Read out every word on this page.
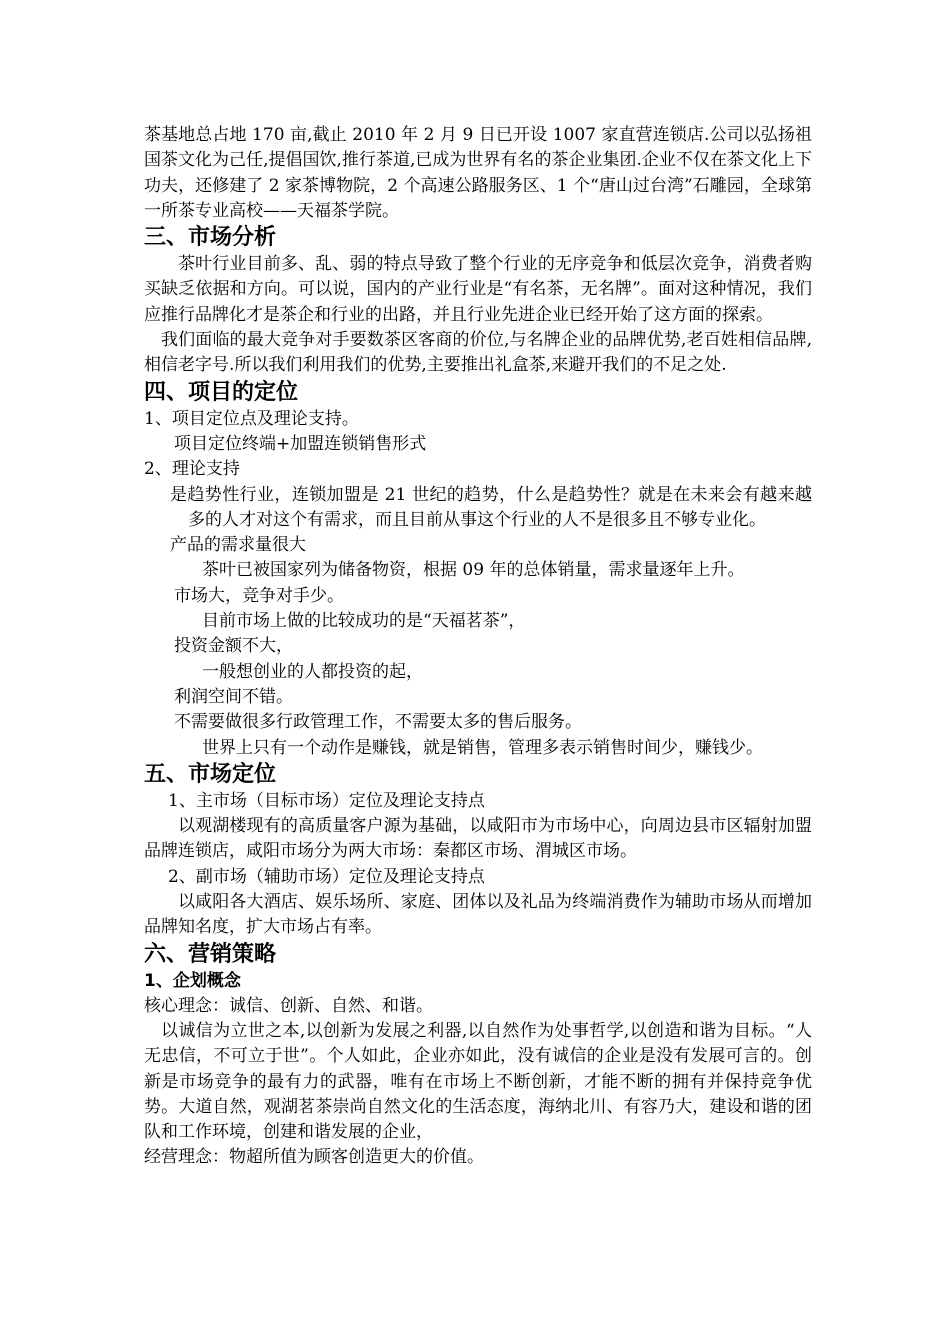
茶基地总占地 170 亩,截止 2010 年 2 月 9 日已开设 1007 家直营连锁店.公司以弘扬祖国茶文化为己任,提倡国饮,推行茶道,已成为世界有名的茶企业集团.企业不仅在茶文化上下功夫，还修建了 2 家茶博物院，2 个高速公路服务区、1 个“唐山过台湾”石雕园，全球第一所茶专业高校——天福茶学院。

三、市场分析

茶叶行业目前多、乱、弱的特点导致了整个行业的无序竞争和低层次竞争，消费者购买缺乏依据和方向。可以说，国内的产业行业是“有名茶，无名牌”。面对这种情况，我们应推行品牌化才是茶企和行业的出路，并且行业先进企业已经开始了这方面的探索。

我们面临的最大竞争对手要数茶区客商的价位,与名牌企业的品牌优势,老百姓相信品牌,相信老字号.所以我们利用我们的优势,主要推出礼盒茶,来避开我们的不足之处.

四、项目的定位

1、项目定位点及理论支持。

项目定位终端+加盟连锁销售形式

2、理论支持

是趋势性行业，连锁加盟是 21 世纪的趋势，什么是趋势性？就是在未来会有越来越多的人才对这个有需求，而且目前从事这个行业的人不是很多且不够专业化。

产品的需求量很大

茶叶已被国家列为储备物资，根据 09 年的总体销量，需求量逐年上升。

市场大，竞争对手少。

目前市场上做的比较成功的是“天福茗茶”，

投资金额不大，

一般想创业的人都投资的起，

利润空间不错。

不需要做很多行政管理工作，不需要太多的售后服务。

世界上只有一个动作是赚钱，就是销售，管理多表示销售时间少，赚钱少。

五、市场定位

1、主市场（目标市场）定位及理论支持点

以观湖楼现有的高质量客户源为基础，以咸阳市为市场中心，向周边县市区辐射加盟品牌连锁店，咸阳市场分为两大市场：秦都区市场、渭城区市场。

2、副市场（辅助市场）定位及理论支持点

以咸阳各大酒店、娱乐场所、家庭、团体以及礼品为终端消费作为辅助市场从而增加品牌知名度，扩大市场占有率。

六、营销策略

1、企划概念

核心理念：诚信、创新、自然、和谐。

以诚信为立世之本,以创新为发展之利器,以自然作为处事哲学,以创造和谐为目标。“人无忠信，不可立于世”。个人如此，企业亦如此，没有诚信的企业是没有发展可言的。创新是市场竞争的最有力的武器，唯有在市场上不断创新，才能不断的拥有并保持竞争优势。大道自然，观湖茗茶崇尚自然文化的生活态度，海纳北川、有容乃大，建设和谐的团队和工作环境，创建和谐发展的企业，

经营理念：物超所值为顾客创造更大的价值。
